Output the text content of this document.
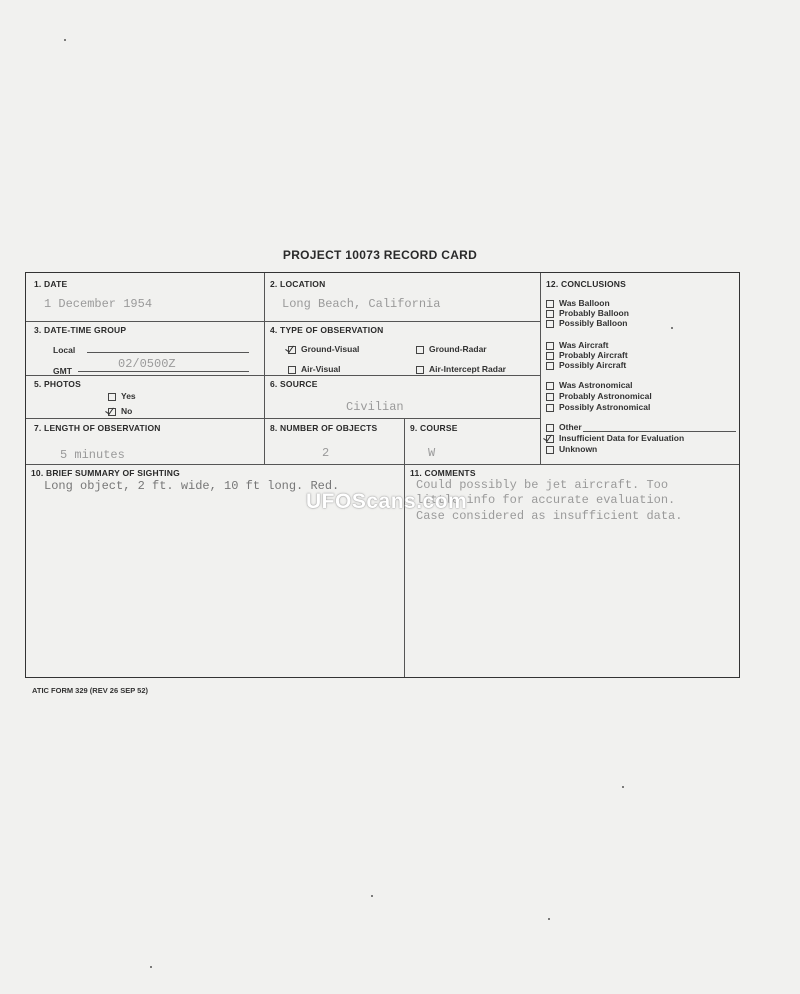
PROJECT 10073 RECORD CARD
1. DATE
1 December 1954
2. LOCATION
Long Beach, California
3. DATE-TIME GROUP
Local
GMT	02/0500Z
4. TYPE OF OBSERVATION
Ground-Visual	Ground-Radar
Air-Visual	Air-Intercept Radar
5. PHOTOS
Yes
No
6. SOURCE
Civilian
7. LENGTH OF OBSERVATION
5 minutes
8. NUMBER OF OBJECTS
2
9. COURSE
W
12. CONCLUSIONS
Was Balloon
Probably Balloon
Possibly Balloon
Was Aircraft
Probably Aircraft
Possibly Aircraft
Was Astronomical
Probably Astronomical
Possibly Astronomical
Other
Insufficient Data for Evaluation
Unknown
10. BRIEF SUMMARY OF SIGHTING
Long object, 2 ft. wide, 10 ft long. Red.
11. COMMENTS
Could possibly be jet aircraft. Too
little info for accurate evaluation.
Case considered as insufficient data.
UFOScans.com
ATIC FORM 329 (REV 26 SEP 52)
